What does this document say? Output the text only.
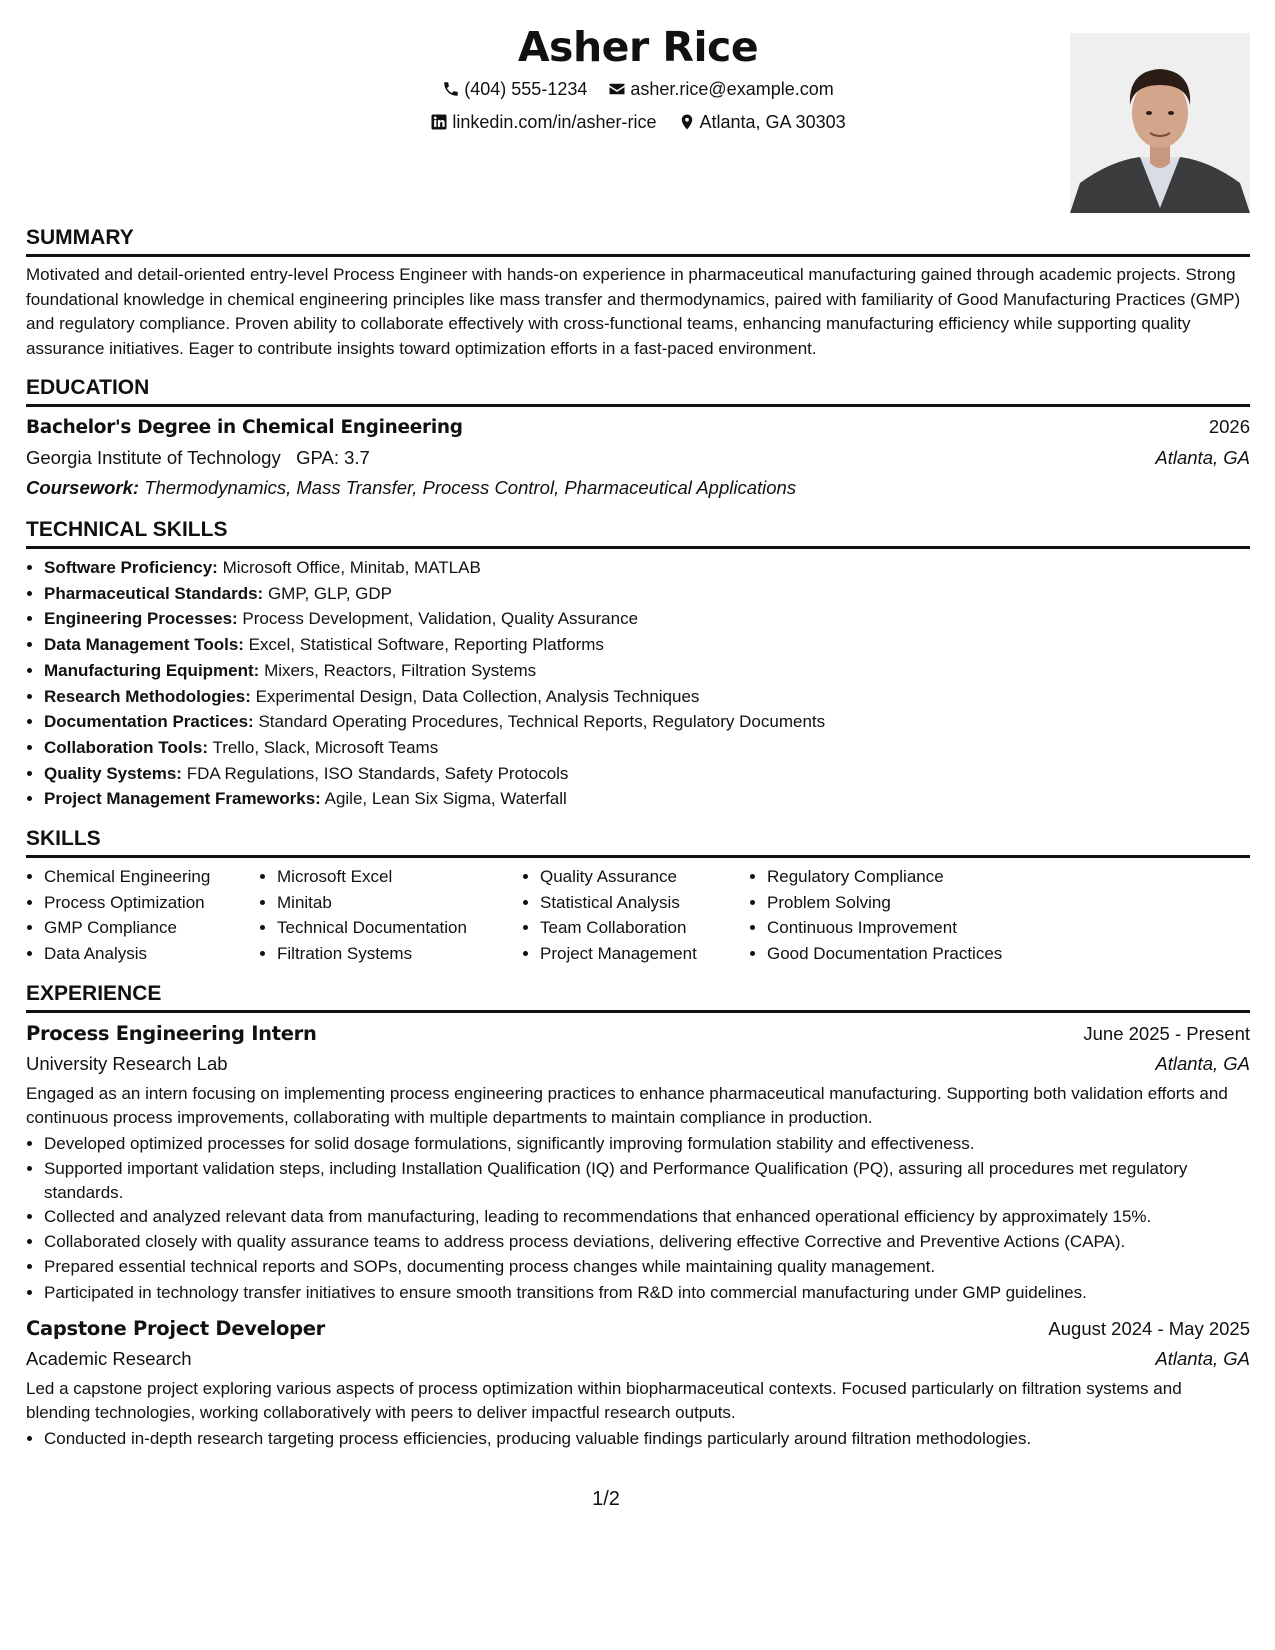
Asher Rice
(404) 555-1234
asher.rice@example.com
linkedin.com/in/asher-rice
Atlanta, GA 30303
SUMMARY

Motivated and detail-oriented entry-level Process Engineer with hands-on experience in pharmaceutical manufacturing gained through academic projects. Strong foundational knowledge in chemical engineering principles like mass transfer and thermodynamics, paired with familiarity of Good Manufacturing Practices (GMP) and regulatory compliance. Proven ability to collaborate effectively with cross-functional teams, enhancing manufacturing efficiency while supporting quality assurance initiatives. Eager to contribute insights toward optimization efforts in a fast-paced environment.

EDUCATION
Bachelor's Degree in Chemical Engineering	2026
Georgia Institute of Technology GPA: 3.7	Atlanta, GA
Coursework: Thermodynamics, Mass Transfer, Process Control, Pharmaceutical Applications
TECHNICAL SKILLS
• Software Proficiency: Microsoft Office, Minitab, MATLAB
• Pharmaceutical Standards: GMP, GLP, GDP
• Engineering Processes: Process Development, Validation, Quality Assurance
• Data Management Tools: Excel, Statistical Software, Reporting Platforms
• Manufacturing Equipment: Mixers, Reactors, Filtration Systems
• Research Methodologies: Experimental Design, Data Collection, Analysis Techniques
• Documentation Practices: Standard Operating Procedures, Technical Reports, Regulatory Documents
• Collaboration Tools: Trello, Slack, Microsoft Teams
• Quality Systems: FDA Regulations, ISO Standards, Safety Protocols
• Project Management Frameworks: Agile, Lean Six Sigma, Waterfall
SKILLS
• Chemical Engineering
• Process Optimization
• GMP Compliance
• Data Analysis
• Microsoft Excel
• Minitab
• Technical Documentation
• Filtration Systems
• Quality Assurance
• Statistical Analysis
• Team Collaboration
• Project Management
• Regulatory Compliance
• Problem Solving
• Continuous Improvement
• Good Documentation Practices
EXPERIENCE
Process Engineering Intern	June 2025 - Present
University Research Lab	Atlanta, GA
Engaged as an intern focusing on implementing process engineering practices to enhance pharmaceutical manufacturing. Supporting both validation efforts and continuous process improvements, collaborating with multiple departments to maintain compliance in production.
• Developed optimized processes for solid dosage formulations, significantly improving formulation stability and effectiveness.
• Supported important validation steps, including Installation Qualification (IQ) and Performance Qualification (PQ), assuring all procedures met regulatory standards.
• Collected and analyzed relevant data from manufacturing, leading to recommendations that enhanced operational efficiency by approximately 15%.
• Collaborated closely with quality assurance teams to address process deviations, delivering effective Corrective and Preventive Actions (CAPA).
• Prepared essential technical reports and SOPs, documenting process changes while maintaining quality management.
• Participated in technology transfer initiatives to ensure smooth transitions from R&D into commercial manufacturing under GMP guidelines.
Capstone Project Developer	August 2024 - May 2025
Academic Research	Atlanta, GA
Led a capstone project exploring various aspects of process optimization within biopharmaceutical contexts. Focused particularly on filtration systems and blending technologies, working collaboratively with peers to deliver impactful research outputs.
• Conducted in-depth research targeting process efficiencies, producing valuable findings particularly around filtration methodologies.
1/2
